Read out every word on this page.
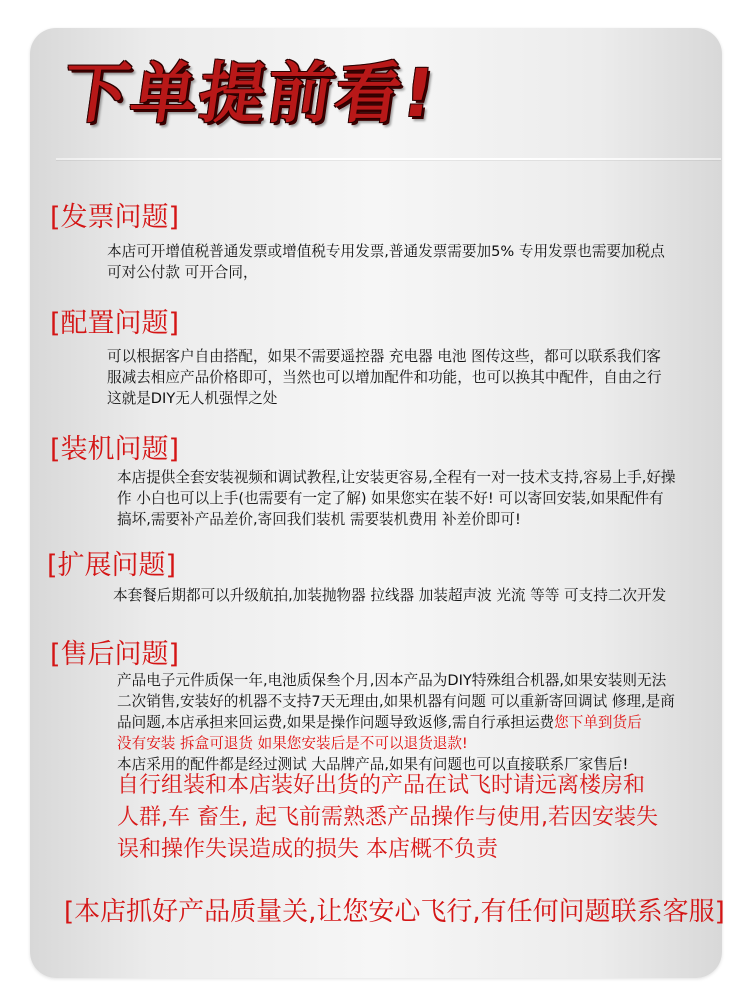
下单提前看!
[发票问题]

本店可开增值税普通发票或增值税专用发票,普通发票需要加5% 专用发票也需要加税点
可对公付款 可开合同，

[配置问题]

可以根据客户自由搭配，如果不需要遥控器 充电器 电池 图传这些，都可以联系我们客
服减去相应产品价格即可，当然也可以增加配件和功能，也可以换其中配件，自由之行
这就是DIY无人机强悍之处

[装机问题]

本店提供全套安装视频和调试教程,让安装更容易,全程有一对一技术支持,容易上手,好操
作 小白也可以上手(也需要有一定了解) 如果您实在装不好! 可以寄回安装,如果配件有
搞坏,需要补产品差价,寄回我们装机 需要装机费用 补差价即可!

[扩展问题]

本套餐后期都可以升级航拍,加装抛物器 拉线器 加装超声波 光流 等等 可支持二次开发

[售后问题]

产品电子元件质保一年,电池质保叁个月,因本产品为DIY特殊组合机器,如果安装则无法
二次销售,安装好的机器不支持7天无理由,如果机器有问题 可以重新寄回调试 修理,是商
品问题,本店承担来回运费,如果是操作问题导致返修,需自行承担运费您下单到货后
没有安装 拆盒可退货 如果您安装后是不可以退货退款!
本店采用的配件都是经过测试 大品牌产品,如果有问题也可以直接联系厂家售后!

自行组装和本店装好出货的产品在试飞时请远离楼房和
人群,车 畜生, 起飞前需熟悉产品操作与使用,若因安装失
误和操作失误造成的损失 本店概不负责

[本店抓好产品质量关,让您安心飞行,有任何问题联系客服]
